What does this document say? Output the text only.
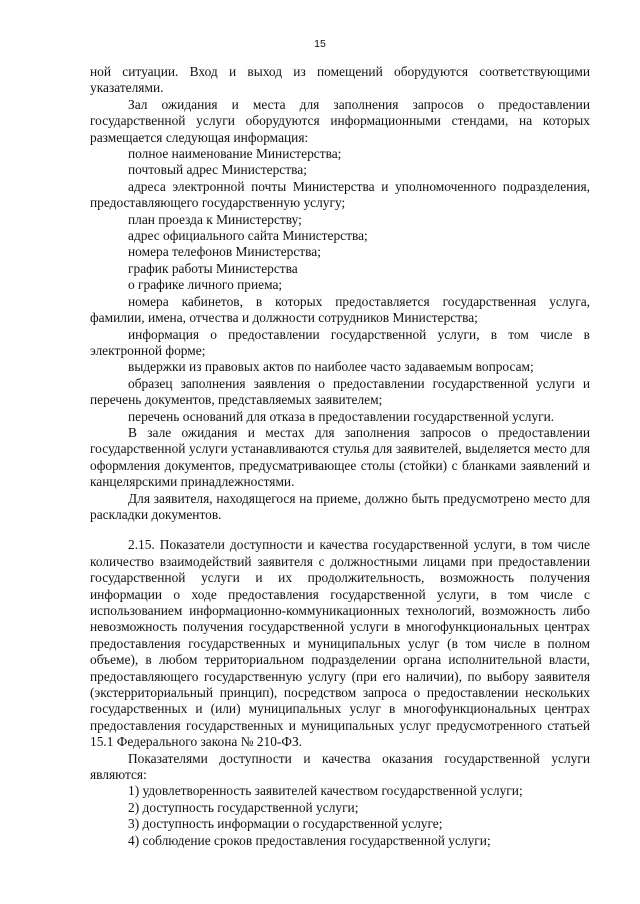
15

ной ситуации. Вход и выход из помещений оборудуются соответствующими указателями.

Зал ожидания и места для заполнения запросов о предоставлении государственной услуги оборудуются информационными стендами, на которых размещается следующая информация:

полное наименование Министерства;

почтовый адрес Министерства;

адреса электронной почты Министерства и уполномоченного подразделения, предоставляющего государственную услугу;

план проезда к Министерству;

адрес официального сайта Министерства;

номера телефонов Министерства;

график работы Министерства

о графике личного приема;

номера кабинетов, в которых предоставляется государственная услуга, фамилии, имена, отчества и должности сотрудников Министерства;

информация о предоставлении государственной услуги, в том числе в электронной форме;

выдержки из правовых актов по наиболее часто задаваемым вопросам;

образец заполнения заявления о предоставлении государственной услуги и перечень документов, представляемых заявителем;

перечень оснований для отказа в предоставлении государственной услуги.

В зале ожидания и местах для заполнения запросов о предоставлении государственной услуги устанавливаются стулья для заявителей, выделяется место для оформления документов, предусматривающее столы (стойки) с бланками заявлений и канцелярскими принадлежностями.

Для заявителя, находящегося на приеме, должно быть предусмотрено место для раскладки документов.

2.15. Показатели доступности и качества государственной услуги, в том числе количество взаимодействий заявителя с должностными лицами при предоставлении государственной услуги и их продолжительность, возможность получения информации о ходе предоставления государственной услуги, в том числе с использованием информационно-коммуникационных технологий, возможность либо невозможность получения государственной услуги в многофункциональных центрах предоставления государственных и муниципальных услуг (в том числе в полном объеме), в любом территориальном подразделении органа исполнительной власти, предоставляющего государственную услугу (при его наличии), по выбору заявителя (экстерриториальный принцип), посредством запроса о предоставлении нескольких государственных и (или) муниципальных услуг в многофункциональных центрах предоставления государственных и муниципальных услуг предусмотренного статьей 15.1 Федерального закона № 210-ФЗ.

Показателями доступности и качества оказания государственной услуги являются:

1) удовлетворенность заявителей качеством государственной услуги;

2) доступность государственной услуги;

3) доступность информации о государственной услуге;

4) соблюдение сроков предоставления государственной услуги;
